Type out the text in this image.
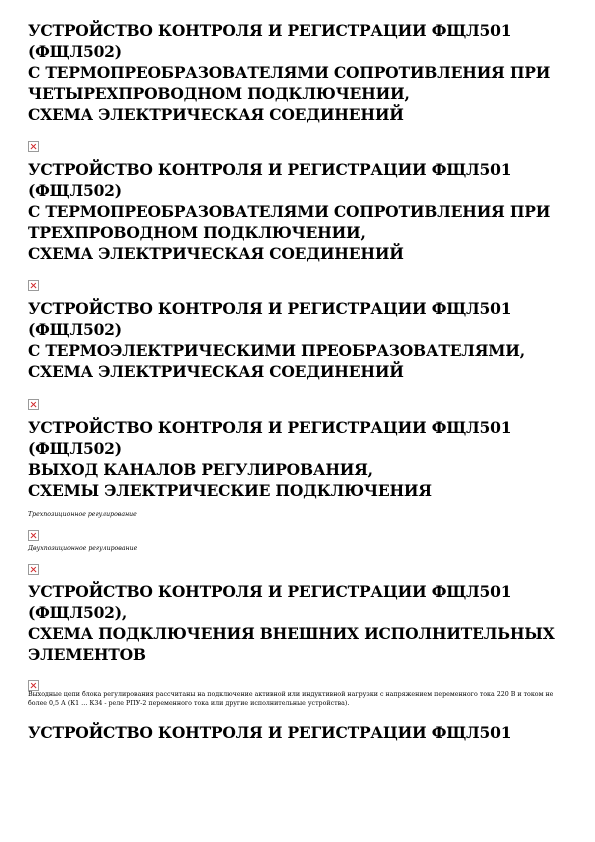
УСТРОЙСТВО КОНТРОЛЯ И РЕГИСТРАЦИИ ФЩЛ501
(ФЩЛ502)
С ТЕРМОПРЕОБРАЗОВАТЕЛЯМИ СОПРОТИВЛЕНИЯ ПРИ
ЧЕТЫРЕХПРОВОДНОМ ПОДКЛЮЧЕНИИ,
СХЕМА ЭЛЕКТРИЧЕСКАЯ СОЕДИНЕНИЙ
УСТРОЙСТВО КОНТРОЛЯ И РЕГИСТРАЦИИ ФЩЛ501
(ФЩЛ502)
С ТЕРМОПРЕОБРАЗОВАТЕЛЯМИ СОПРОТИВЛЕНИЯ ПРИ
ТРЕХПРОВОДНОМ ПОДКЛЮЧЕНИИ,
СХЕМА ЭЛЕКТРИЧЕСКАЯ СОЕДИНЕНИЙ
УСТРОЙСТВО КОНТРОЛЯ И РЕГИСТРАЦИИ ФЩЛ501
(ФЩЛ502)
С ТЕРМОЭЛЕКТРИЧЕСКИМИ ПРЕОБРАЗОВАТЕЛЯМИ,
СХЕМА ЭЛЕКТРИЧЕСКАЯ СОЕДИНЕНИЙ
УСТРОЙСТВО КОНТРОЛЯ И РЕГИСТРАЦИИ ФЩЛ501
(ФЩЛ502)
ВЫХОД КАНАЛОВ РЕГУЛИРОВАНИЯ,
СХЕМЫ ЭЛЕКТРИЧЕСКИЕ ПОДКЛЮЧЕНИЯ
Трехпозиционное регулирование
Двухпозиционное регулирование
УСТРОЙСТВО КОНТРОЛЯ И РЕГИСТРАЦИИ ФЩЛ501
(ФЩЛ502),
СХЕМА ПОДКЛЮЧЕНИЯ ВНЕШНИХ ИСПОЛНИТЕЛЬНЫХ
ЭЛЕМЕНТОВ
Выходные цепи блока регулирования рассчитаны на подключение активной или индуктивной нагрузки с напряжением переменного тока 220 В и током не более 0,5 А (К1 … К34 - реле РПУ-2 переменного тока или другие исполнительные устройства).
УСТРОЙСТВО КОНТРОЛЯ И РЕГИСТРАЦИИ ФЩЛ501
